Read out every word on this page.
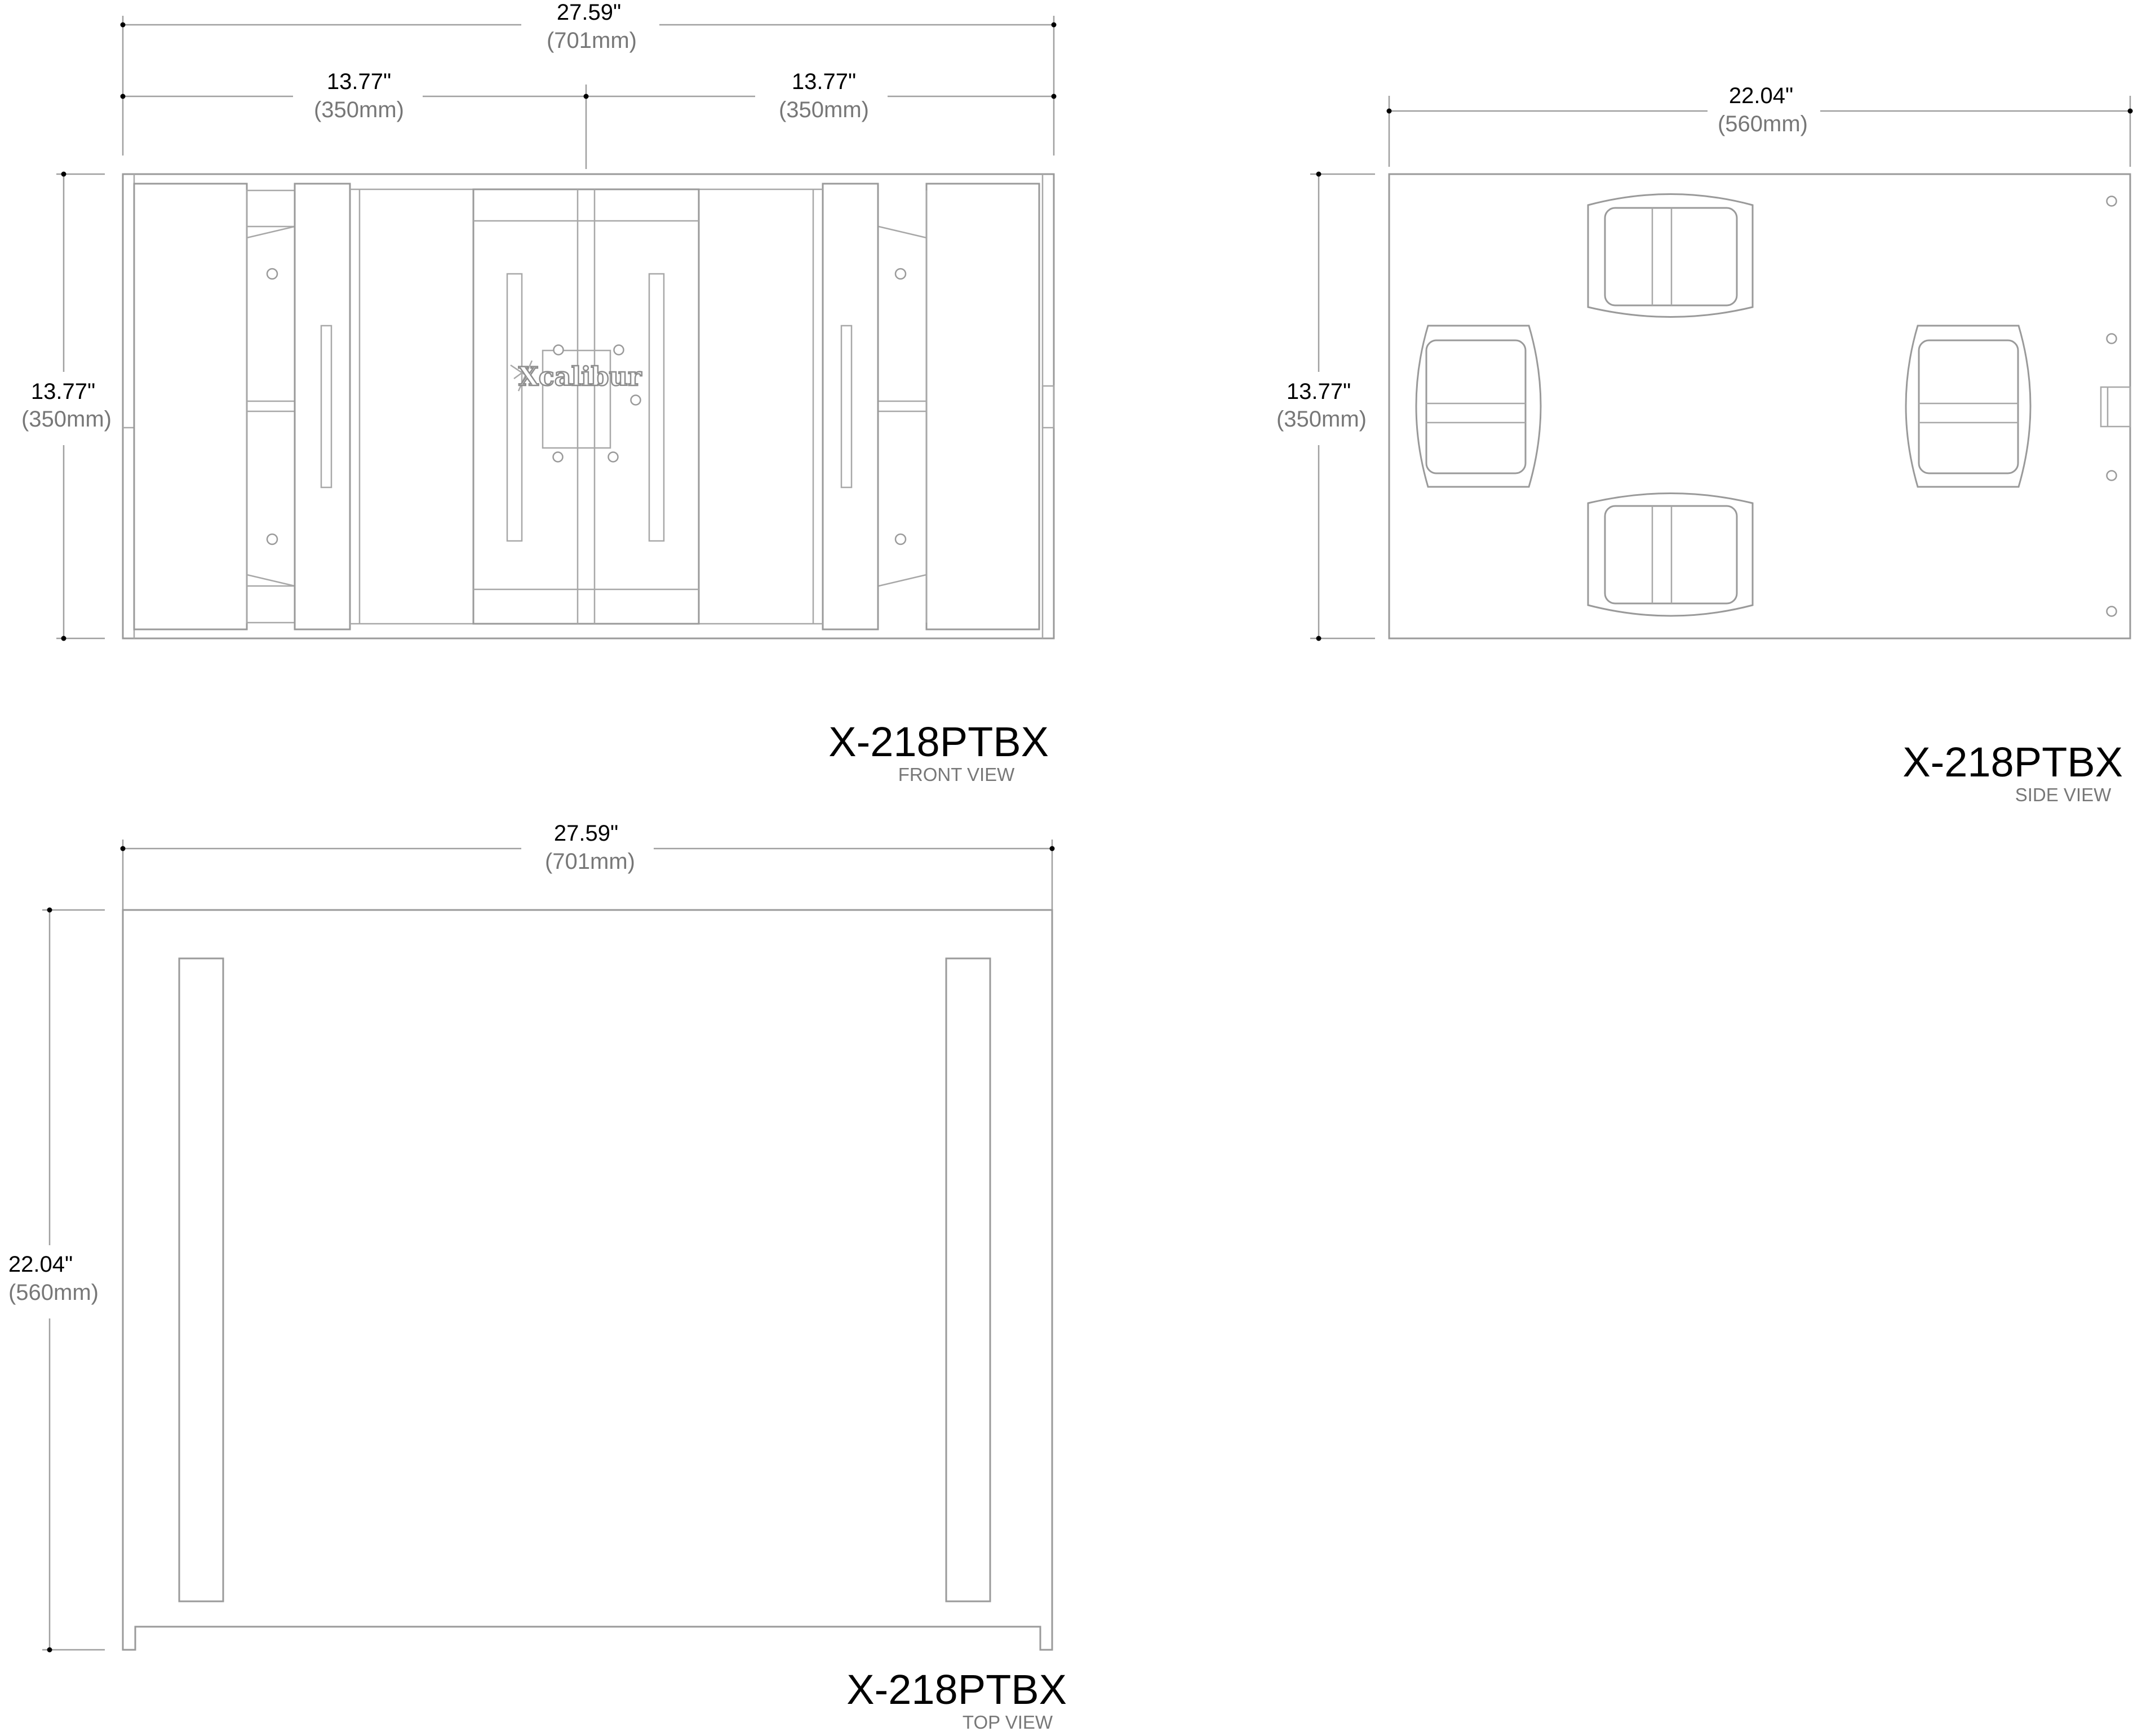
27.59"
(701mm)
13.77"
(350mm)
13.77"
(350mm)
13.77"
(350mm)
Xcalibur
X-218PTBX
FRONT VIEW
22.04"
(560mm)
13.77"
(350mm)
X-218PTBX
SIDE VIEW
27.59"
(701mm)
22.04"
(560mm)
X-218PTBX
TOP VIEW
